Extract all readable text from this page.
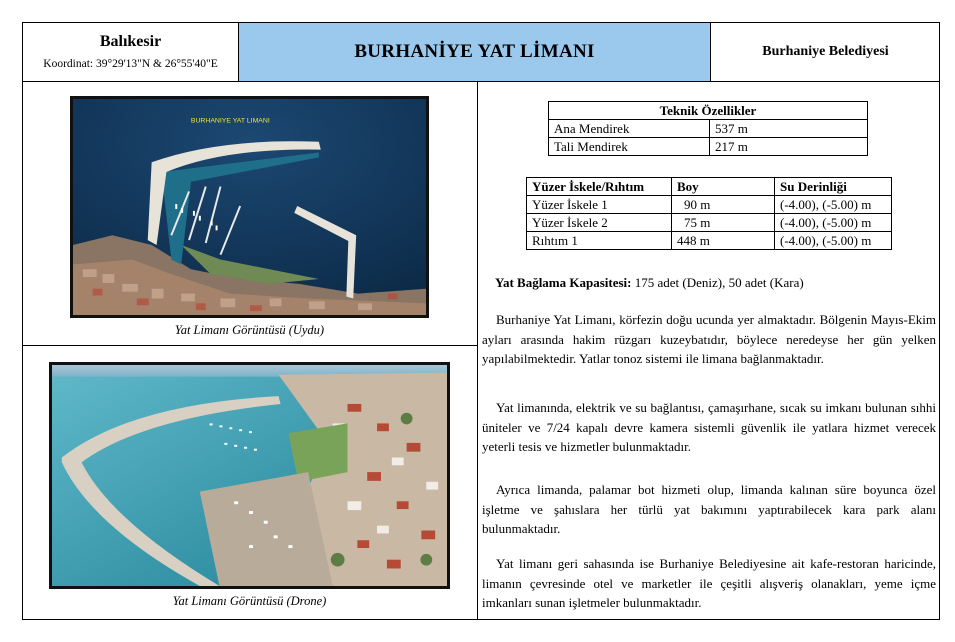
Balıkesir
Koordinat: 39°29'13"N & 26°55'40"E
BURHANİYE YAT LİMANI	Burhaniye Belediyesi
BURHANIYE YAT LIMANI
Yat Limanı Görüntüsü (Uydu)
Yat Limanı Görüntüsü (Drone)
Teknik Özellikler	
Ana Mendirek	537 m
Tali Mendirek	217 m
Yüzer İskele/Rıhtım	Boy	Su Derinliği
Yüzer İskele 1	90 m	(-4.00), (-5.00) m
Yüzer İskele 2	75 m	(-4.00), (-5.00) m
Rıhtım 1	448 m	(-4.00), (-5.00) m
Yat Bağlama Kapasitesi: 175 adet (Deniz), 50 adet (Kara)
Burhaniye Yat Limanı, körfezin doğu ucunda yer almaktadır. Bölgenin Mayıs-Ekim ayları arasında hakim rüzgarı kuzeybatıdır, böylece neredeyse her gün yelken yapılabilmektedir. Yatlar tonoz sistemi ile limana bağlanmaktadır.
Yat limanında, elektrik ve su bağlantısı, çamaşırhane, sıcak su imkanı bulunan sıhhi üniteler ve 7/24 kapalı devre kamera sistemli güvenlik ile yatlara hizmet verecek yeterli tesis ve hizmetler bulunmaktadır.
Ayrıca limanda, palamar bot hizmeti olup, limanda kalınan süre boyunca özel işletme ve şahıslara her türlü yat bakımını yaptırabilecek kara park alanı bulunmaktadır.
Yat limanı geri sahasında ise Burhaniye Belediyesine ait kafe-restoran haricinde, limanın çevresinde otel ve marketler ile çeşitli alışveriş olanakları, yeme içme imkanları sunan işletmeler bulunmaktadır.
